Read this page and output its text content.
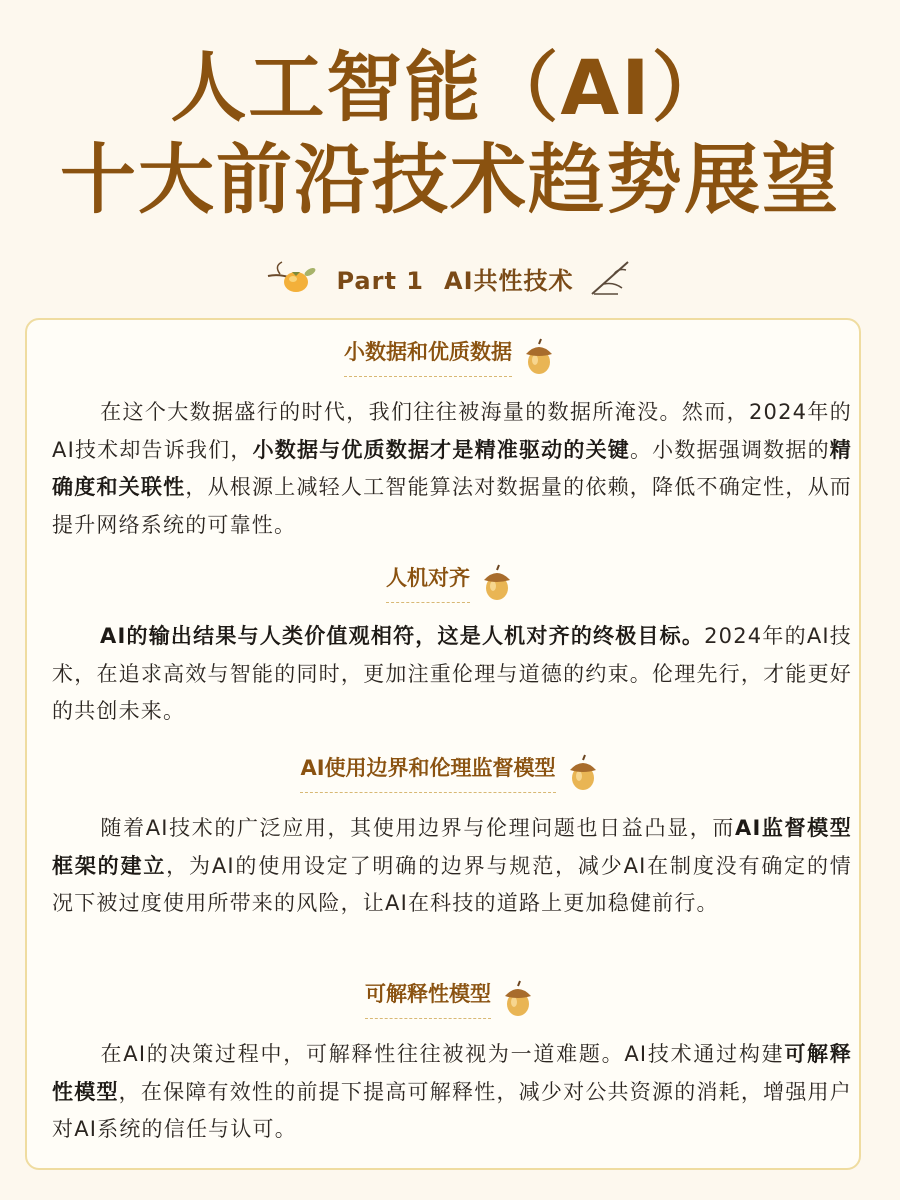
人工智能（AI）
十大前沿技术趋势展望
Part 1 AI共性技术
小数据和优质数据
在这个大数据盛行的时代，我们往往被海量的数据所淹没。然而，2024年的AI技术却告诉我们，小数据与优质数据才是精准驱动的关键。小数据强调数据的精确度和关联性，从根源上减轻人工智能算法对数据量的依赖，降低不确定性，从而提升网络系统的可靠性。
人机对齐
AI的输出结果与人类价值观相符，这是人机对齐的终极目标。2024年的AI技术，在追求高效与智能的同时，更加注重伦理与道德的约束。伦理先行，才能更好的共创未来。
AI使用边界和伦理监督模型
随着AI技术的广泛应用，其使用边界与伦理问题也日益凸显，而AI监督模型框架的建立，为AI的使用设定了明确的边界与规范，减少AI在制度没有确定的情况下被过度使用所带来的风险，让AI在科技的道路上更加稳健前行。
可解释性模型
在AI的决策过程中，可解释性往往被视为一道难题。AI技术通过构建可解释性模型，在保障有效性的前提下提高可解释性，减少对公共资源的消耗，增强用户对AI系统的信任与认可。
